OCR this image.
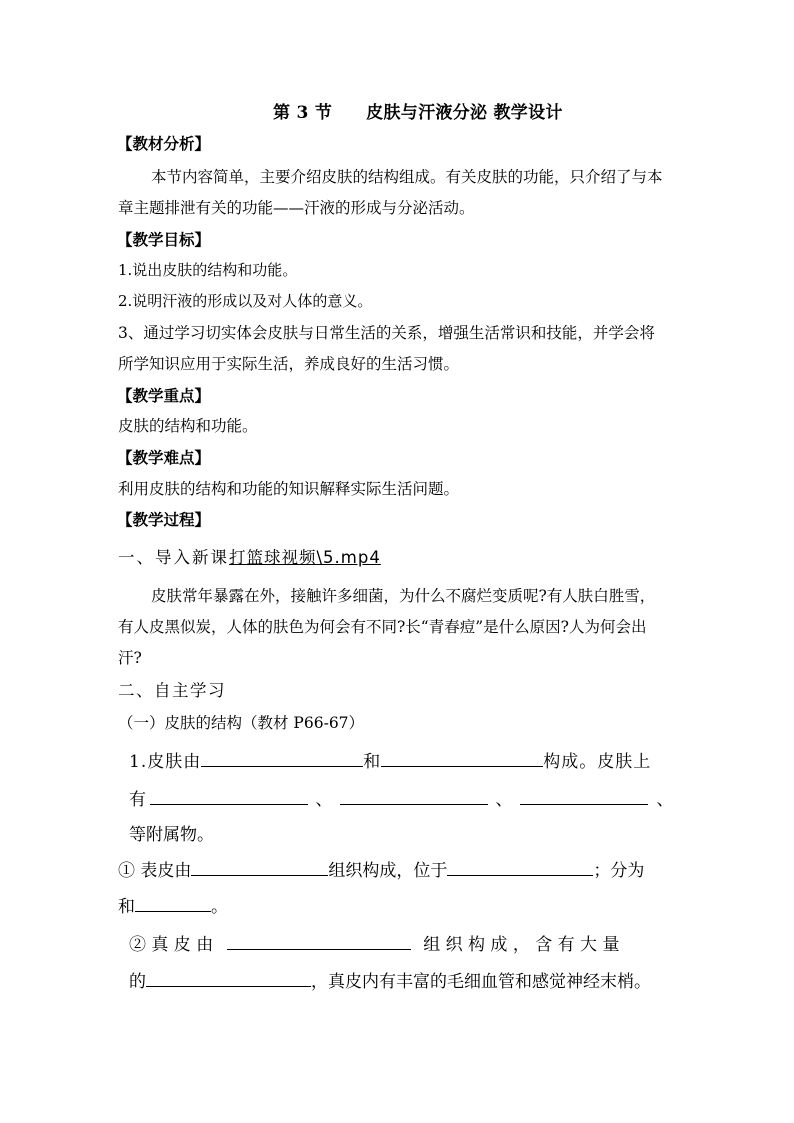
第 3 节 皮肤与汗液分泌 教学设计
【教材分析】
本节内容简单，主要介绍皮肤的结构组成。有关皮肤的功能，只介绍了与本
章主题排泄有关的功能——汗液的形成与分泌活动。
【教学目标】
1.说出皮肤的结构和功能。
2.说明汗液的形成以及对人体的意义。
3、通过学习切实体会皮肤与日常生活的关系，增强生活常识和技能，并学会将
所学知识应用于实际生活，养成良好的生活习惯。
【教学重点】
皮肤的结构和功能。
【教学难点】
利用皮肤的结构和功能的知识解释实际生活问题。
【教学过程】
一、导入新课打篮球视频\5.mp4
皮肤常年暴露在外，接触许多细菌，为什么不腐烂变质呢?有人肤白胜雪，
有人皮黑似炭，人体的肤色为何会有不同?长“青春痘”是什么原因?人为何会出
汗?
二、自主学习
（一）皮肤的结构（教材 P66-67）
1.皮肤由	和	构成。皮肤上
有	、	、	、
等附属物。
① 表皮由	组织构成，位于	；分为
和	。
② 真 皮 由	组 织 构 成 ， 含 有 大 量
的	，真皮内有丰富的毛细血管和感觉神经末梢。
